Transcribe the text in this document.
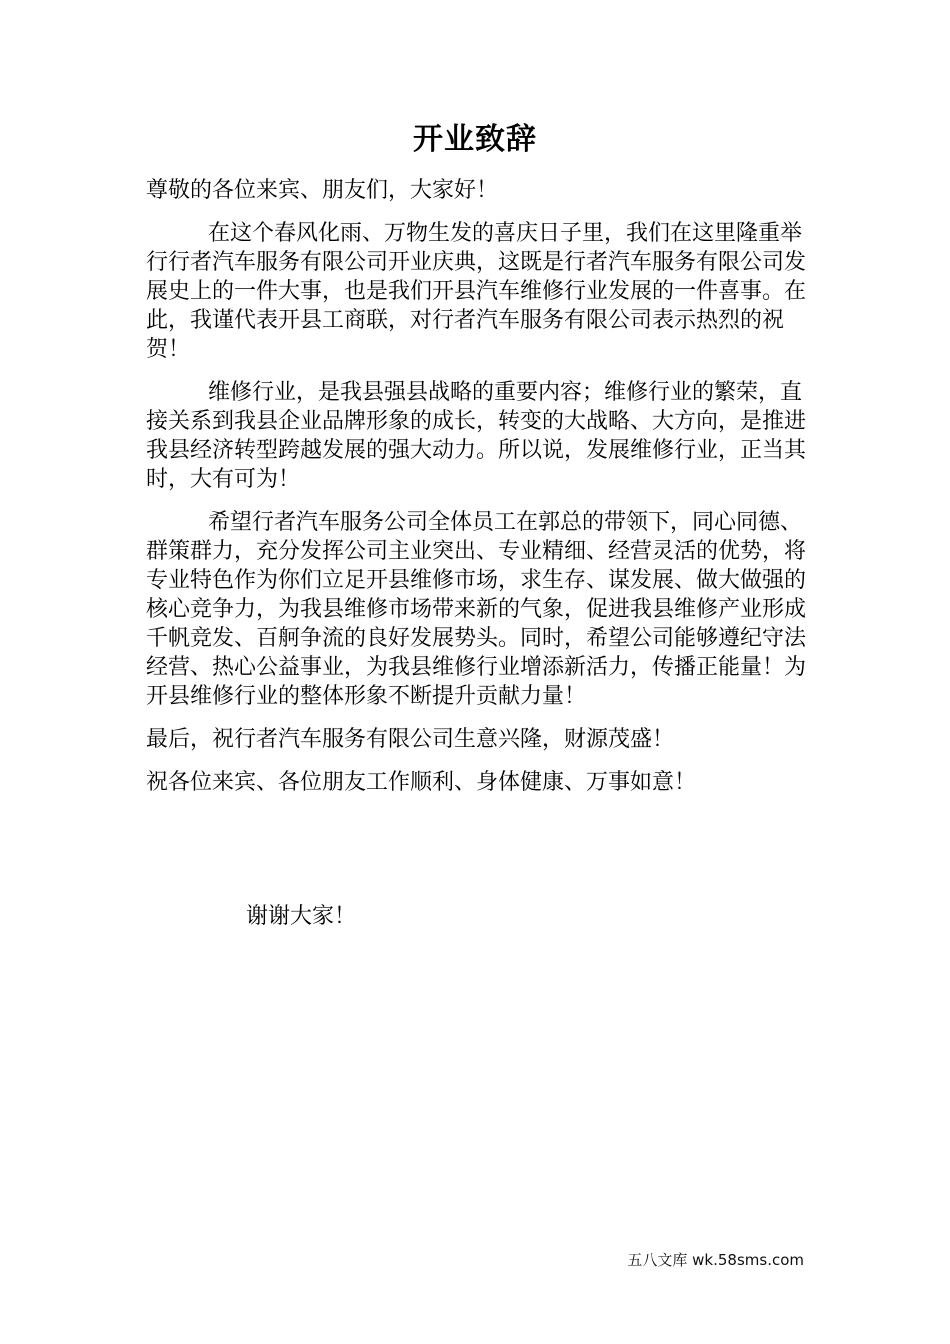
开业致辞

尊敬的各位来宾、朋友们，大家好！

在这个春风化雨、万物生发的喜庆日子里，我们在这里隆重举行行者汽车服务有限公司开业庆典，这既是行者汽车服务有限公司发展史上的一件大事，也是我们开县汽车维修行业发展的一件喜事。在此，我谨代表开县工商联，对行者汽车服务有限公司表示热烈的祝贺！

维修行业，是我县强县战略的重要内容；维修行业的繁荣，直接关系到我县企业品牌形象的成长，转变的大战略、大方向，是推进我县经济转型跨越发展的强大动力。所以说，发展维修行业，正当其时，大有可为！

希望行者汽车服务公司全体员工在郭总的带领下，同心同德、群策群力，充分发挥公司主业突出、专业精细、经营灵活的优势，将专业特色作为你们立足开县维修市场，求生存、谋发展、做大做强的核心竞争力，为我县维修市场带来新的气象，促进我县维修产业形成千帆竞发、百舸争流的良好发展势头。同时，希望公司能够遵纪守法经营、热心公益事业，为我县维修行业增添新活力，传播正能量！为开县维修行业的整体形象不断提升贡献力量！

最后，祝行者汽车服务有限公司生意兴隆，财源茂盛！

祝各位来宾、各位朋友工作顺利、身体健康、万事如意！

谢谢大家！
五八文库 wk.58sms.com
